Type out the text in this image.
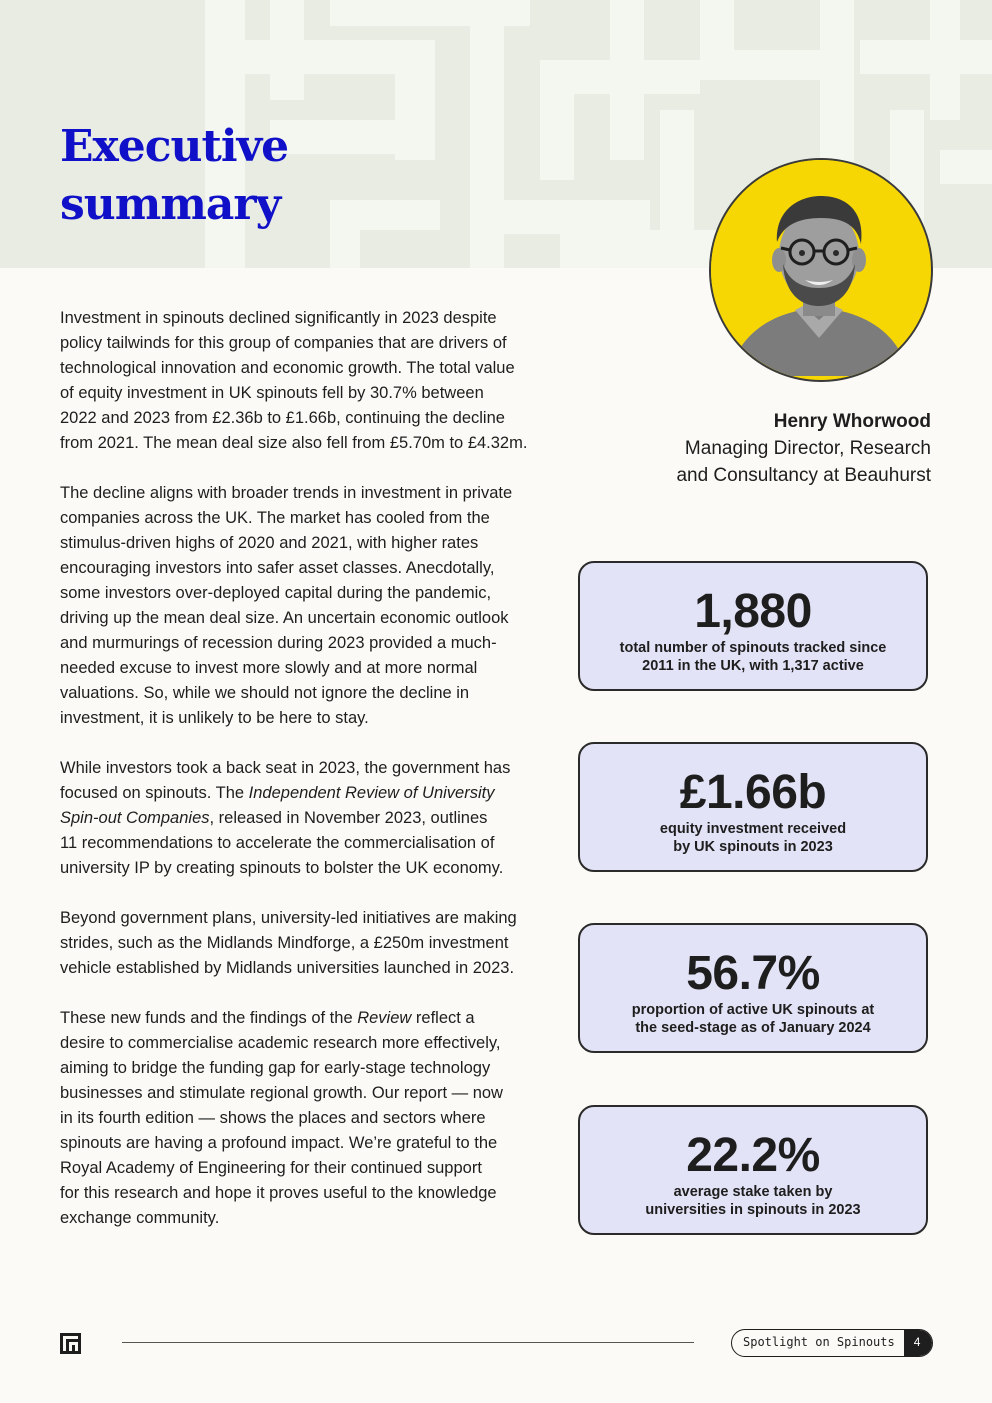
Executive
summary

Investment in spinouts declined significantly in 2023 despite
policy tailwinds for this group of companies that are drivers of
technological innovation and economic growth. The total value
of equity investment in UK spinouts fell by 30.7% between
2022 and 2023 from £2.36b to £1.66b, continuing the decline
from 2021. The mean deal size also fell from £5.70m to £4.32m.

The decline aligns with broader trends in investment in private
companies across the UK. The market has cooled from the
stimulus-driven highs of 2020 and 2021, with higher rates
encouraging investors into safer asset classes. Anecdotally,
some investors over-deployed capital during the pandemic,
driving up the mean deal size. An uncertain economic outlook
and murmurings of recession during 2023 provided a much-
needed excuse to invest more slowly and at more normal
valuations. So, while we should not ignore the decline in
investment, it is unlikely to be here to stay.

While investors took a back seat in 2023, the government has
focused on spinouts. The Independent Review of University
Spin-out Companies, released in November 2023, outlines
11 recommendations to accelerate the commercialisation of
university IP by creating spinouts to bolster the UK economy.

Beyond government plans, university-led initiatives are making
strides, such as the Midlands Mindforge, a £250m investment
vehicle established by Midlands universities launched in 2023.

These new funds and the findings of the Review reflect a
desire to commercialise academic research more effectively,
aiming to bridge the funding gap for early-stage technology
businesses and stimulate regional growth. Our report — now
in its fourth edition — shows the places and sectors where
spinouts are having a profound impact. We’re grateful to the
Royal Academy of Engineering for their continued support
for this research and hope it proves useful to the knowledge
exchange community.

Henry Whorwood
Managing Director, Research
and Consultancy at Beauhurst
1,880
total number of spinouts tracked since
2011 in the UK, with 1,317 active
£1.66b
equity investment received
by UK spinouts in 2023
56.7%
proportion of active UK spinouts at
the seed-stage as of January 2024
22.2%
average stake taken by
universities in spinouts in 2023
Spotlight on Spinouts	4
